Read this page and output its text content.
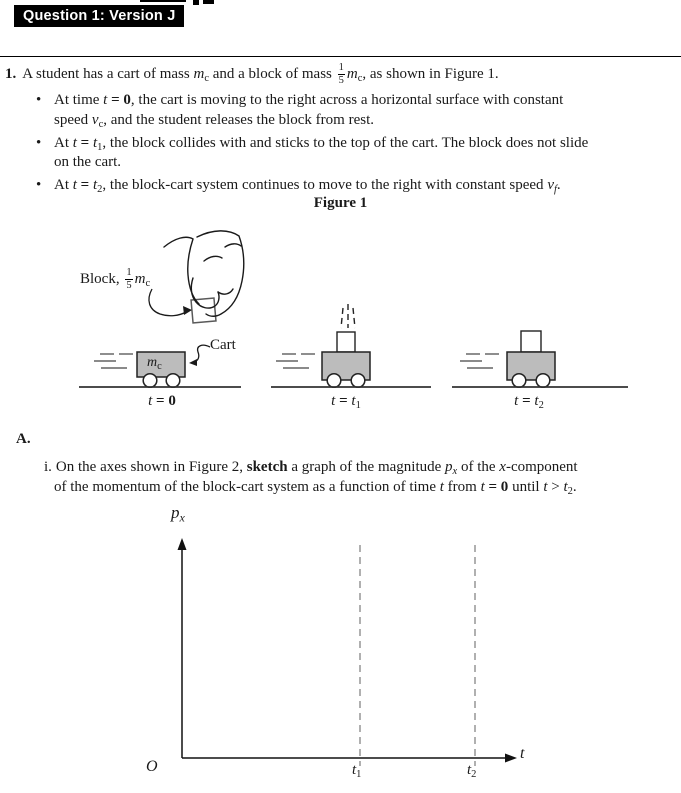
Question 1: Version J
1. A student has a cart of mass $m_c$ and a block of mass $\frac{1}{5} m_c$, as shown in Figure 1.
• At time t = 0, the cart is moving to the right across a horizontal surface with constant
speed $v_c$, and the student releases the block from rest.
• At $t = t_1$, the block collides with and sticks to the top of the cart. The block does not slide
on the cart.
• At $t = t_2$, the block-cart system continues to move to the right with constant speed $v_f$.
Figure 1
Block, $\frac{1}{5} m_c$
Cart
$m_c$
t = 0	$t = t_1$	$t = t_2$
A.
i. On the axes shown in Figure 2, sketch a graph of the magnitude $p_x$ of the x-component
of the momentum of the block-cart system as a function of time t from t = 0 until $t > t_2$.
$p_x$
O
t
$t_1$	$t_2$
